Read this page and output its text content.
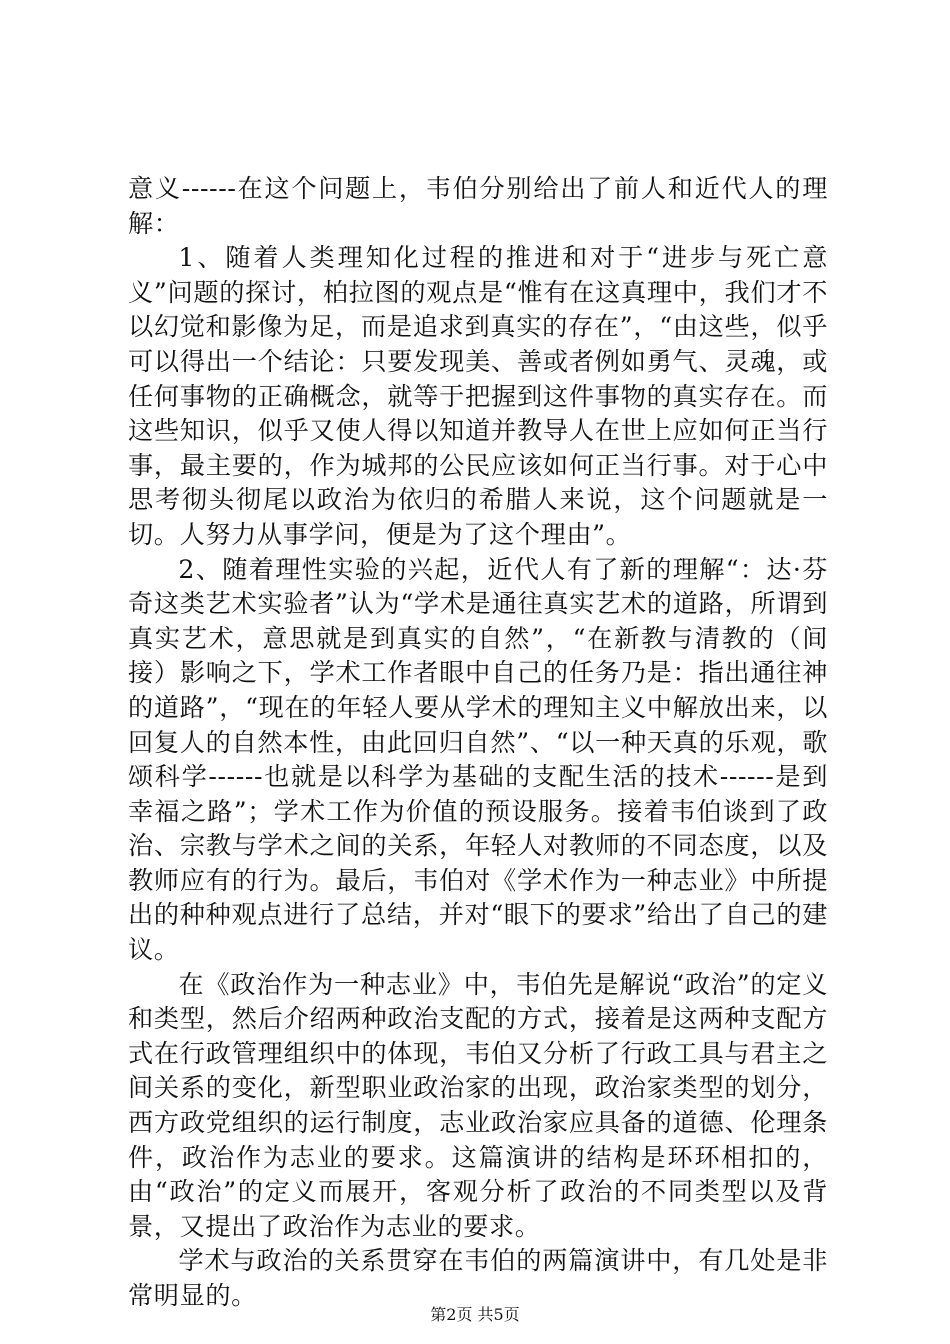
意义------在这个问题上，韦伯分别给出了前人和近代人的理解：

1、随着人类理知化过程的推进和对于“进步与死亡意义”问题的探讨，柏拉图的观点是“惟有在这真理中，我们才不以幻觉和影像为足，而是追求到真实的存在”，“由这些，似乎可以得出一个结论：只要发现美、善或者例如勇气、灵魂，或任何事物的正确概念，就等于把握到这件事物的真实存在。而这些知识，似乎又使人得以知道并教导人在世上应如何正当行事，最主要的，作为城邦的公民应该如何正当行事。对于心中思考彻头彻尾以政治为依归的希腊人来说，这个问题就是一切。人努力从事学问，便是为了这个理由”。

2、随着理性实验的兴起，近代人有了新的理解“：达·芬奇这类艺术实验者”认为“学术是通往真实艺术的道路，所谓到真实艺术，意思就是到真实的自然”，“在新教与清教的（间接）影响之下，学术工作者眼中自己的任务乃是：指出通往神的道路”，“现在的年轻人要从学术的理知主义中解放出来，以回复人的自然本性，由此回归自然”、“以一种天真的乐观，歌颂科学------也就是以科学为基础的支配生活的技术------是到幸福之路”；学术工作为价值的预设服务。接着韦伯谈到了政治、宗教与学术之间的关系，年轻人对教师的不同态度，以及教师应有的行为。最后，韦伯对《学术作为一种志业》中所提出的种种观点进行了总结，并对“眼下的要求”给出了自己的建议。

在《政治作为一种志业》中，韦伯先是解说“政治”的定义和类型，然后介绍两种政治支配的方式，接着是这两种支配方式在行政管理组织中的体现，韦伯又分析了行政工具与君主之间关系的变化，新型职业政治家的出现，政治家类型的划分，西方政党组织的运行制度，志业政治家应具备的道德、伦理条件，政治作为志业的要求。这篇演讲的结构是环环相扣的，由“政治”的定义而展开，客观分析了政治的不同类型以及背景，又提出了政治作为志业的要求。

学术与政治的关系贯穿在韦伯的两篇演讲中，有几处是非常明显的。

第2页 共5页
